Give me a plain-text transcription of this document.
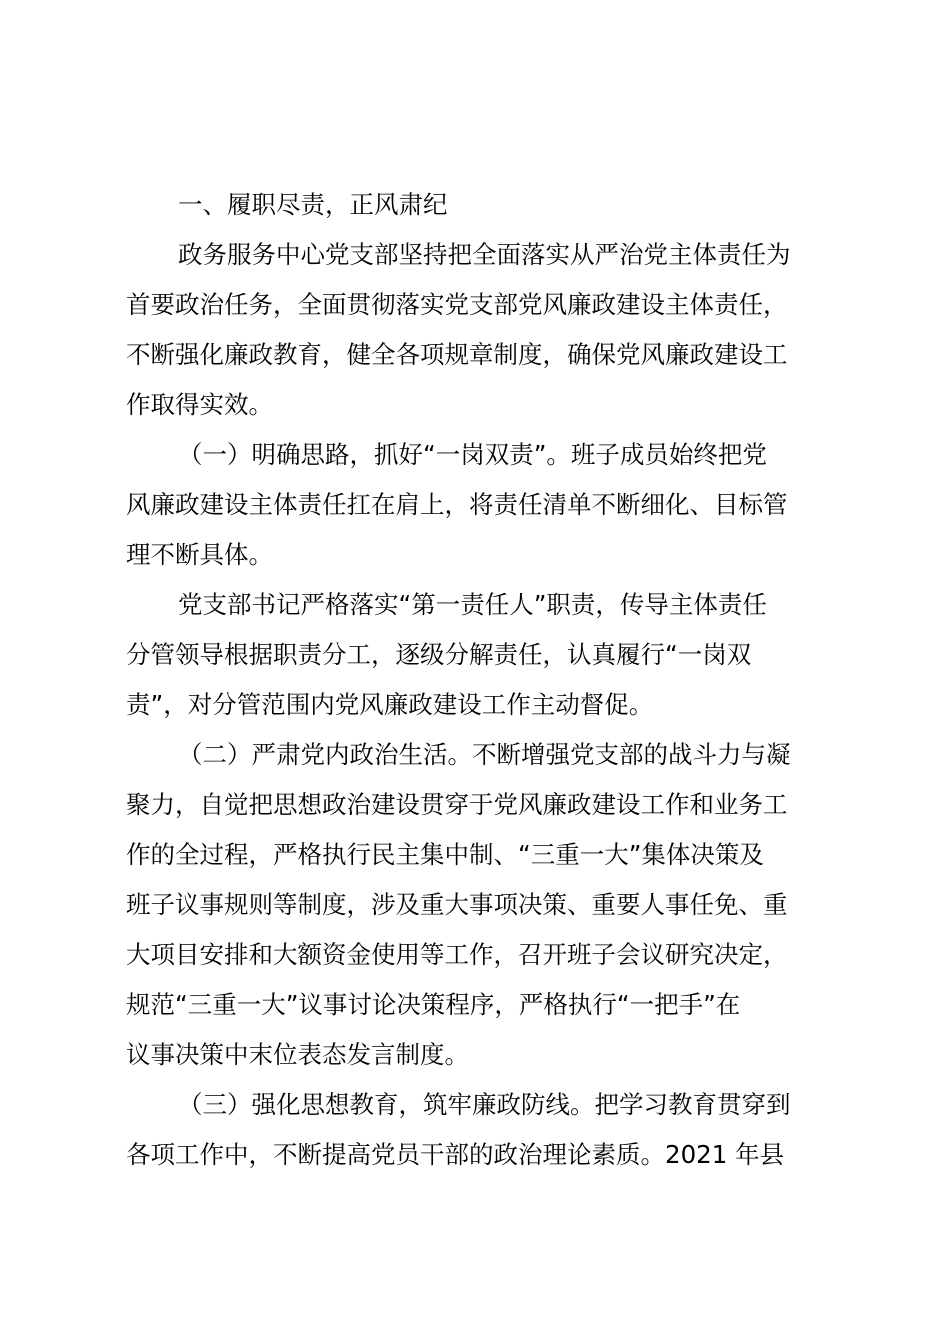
一、履职尽责，正风肃纪
政务服务中心党支部坚持把全面落实从严治党主体责任为
首要政治任务，全面贯彻落实党支部党风廉政建设主体责任，
不断强化廉政教育，健全各项规章制度，确保党风廉政建设工
作取得实效。
（一）明确思路，抓好“一岗双责”。班子成员始终把党
风廉政建设主体责任扛在肩上，将责任清单不断细化、目标管
理不断具体。
党支部书记严格落实“第一责任人”职责，传导主体责任
分管领导根据职责分工，逐级分解责任，认真履行“一岗双
责”，对分管范围内党风廉政建设工作主动督促。
（二）严肃党内政治生活。不断增强党支部的战斗力与凝
聚力，自觉把思想政治建设贯穿于党风廉政建设工作和业务工
作的全过程，严格执行民主集中制、“三重一大”集体决策及
班子议事规则等制度，涉及重大事项决策、重要人事任免、重
大项目安排和大额资金使用等工作，召开班子会议研究决定，
规范“三重一大”议事讨论决策程序，严格执行“一把手”在
议事决策中末位表态发言制度。
（三）强化思想教育，筑牢廉政防线。把学习教育贯穿到
各项工作中，不断提高党员干部的政治理论素质。2021 年县
